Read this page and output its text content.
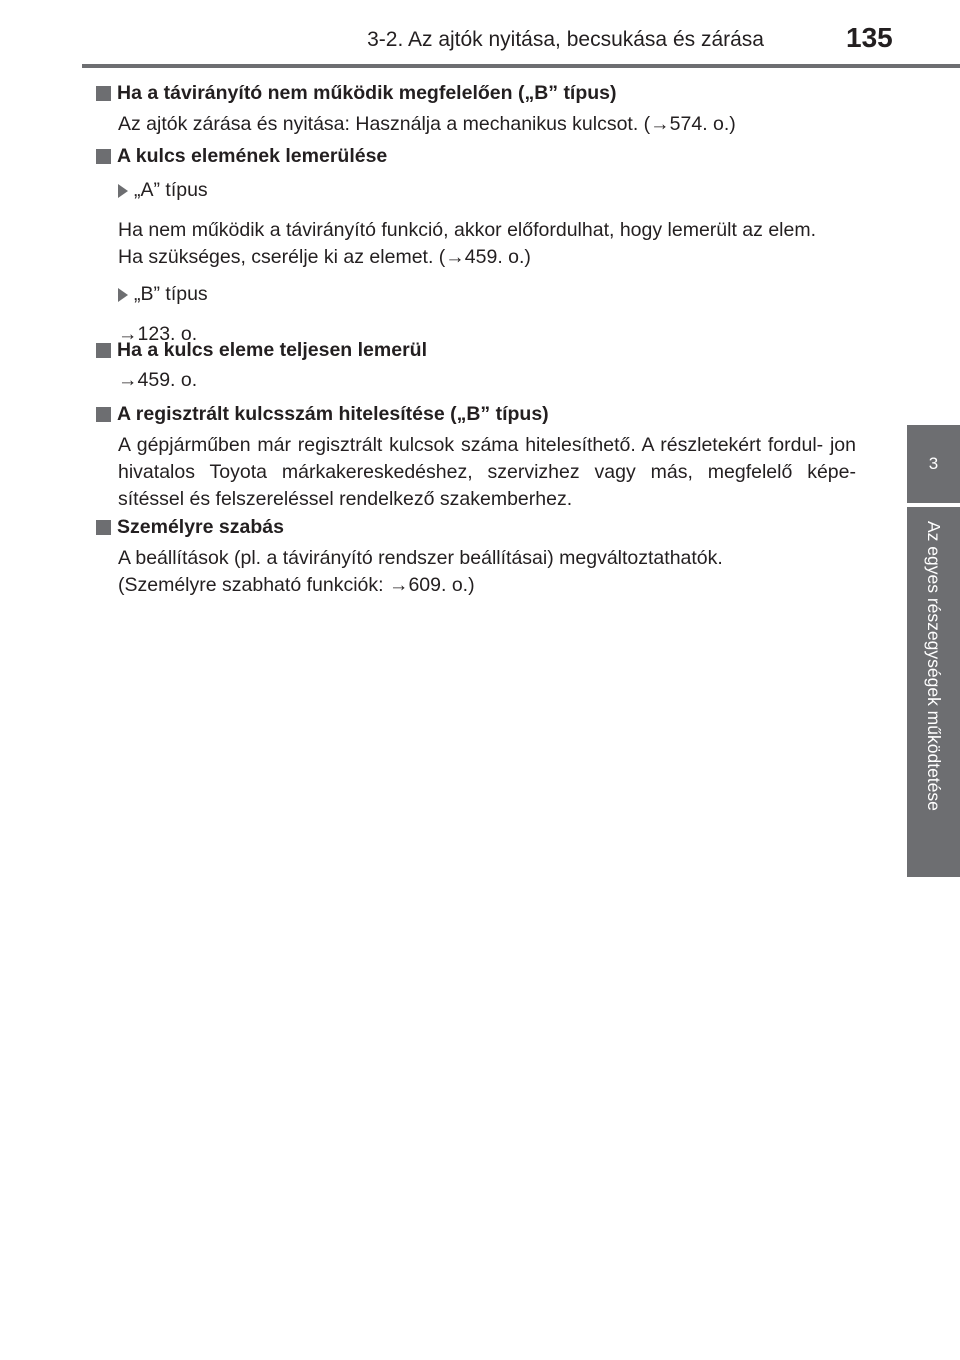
3-2. Az ajtók nyitása, becsukása és zárása	135
3
Az egyes részegységek működtetése
Ha a távirányító nem működik megfelelően („B” típus)

Az ajtók zárása és nyitása: Használja a mechanikus kulcsot. (→574. o.)

A kulcs elemének lemerülése
„A” típus

Ha nem működik a távirányító funkció, akkor előfordulhat, hogy lemerült az elem.

Ha szükséges, cserélje ki az elemet. (→459. o.)

„B” típus

→123. o.

Ha a kulcs eleme teljesen lemerül

→459. o.

A regisztrált kulcsszám hitelesítése („B” típus)

A gépjárműben már regisztrált kulcsok száma hitelesíthető. A részletekért fordul- jon hivatalos Toyota márkakereskedéshez, szervizhez vagy más, megfelelő képe- sítéssel és felszereléssel rendelkező szakemberhez.

Személyre szabás

A beállítások (pl. a távirányító rendszer beállításai) megváltoztathatók.

(Személyre szabható funkciók: →609. o.)
